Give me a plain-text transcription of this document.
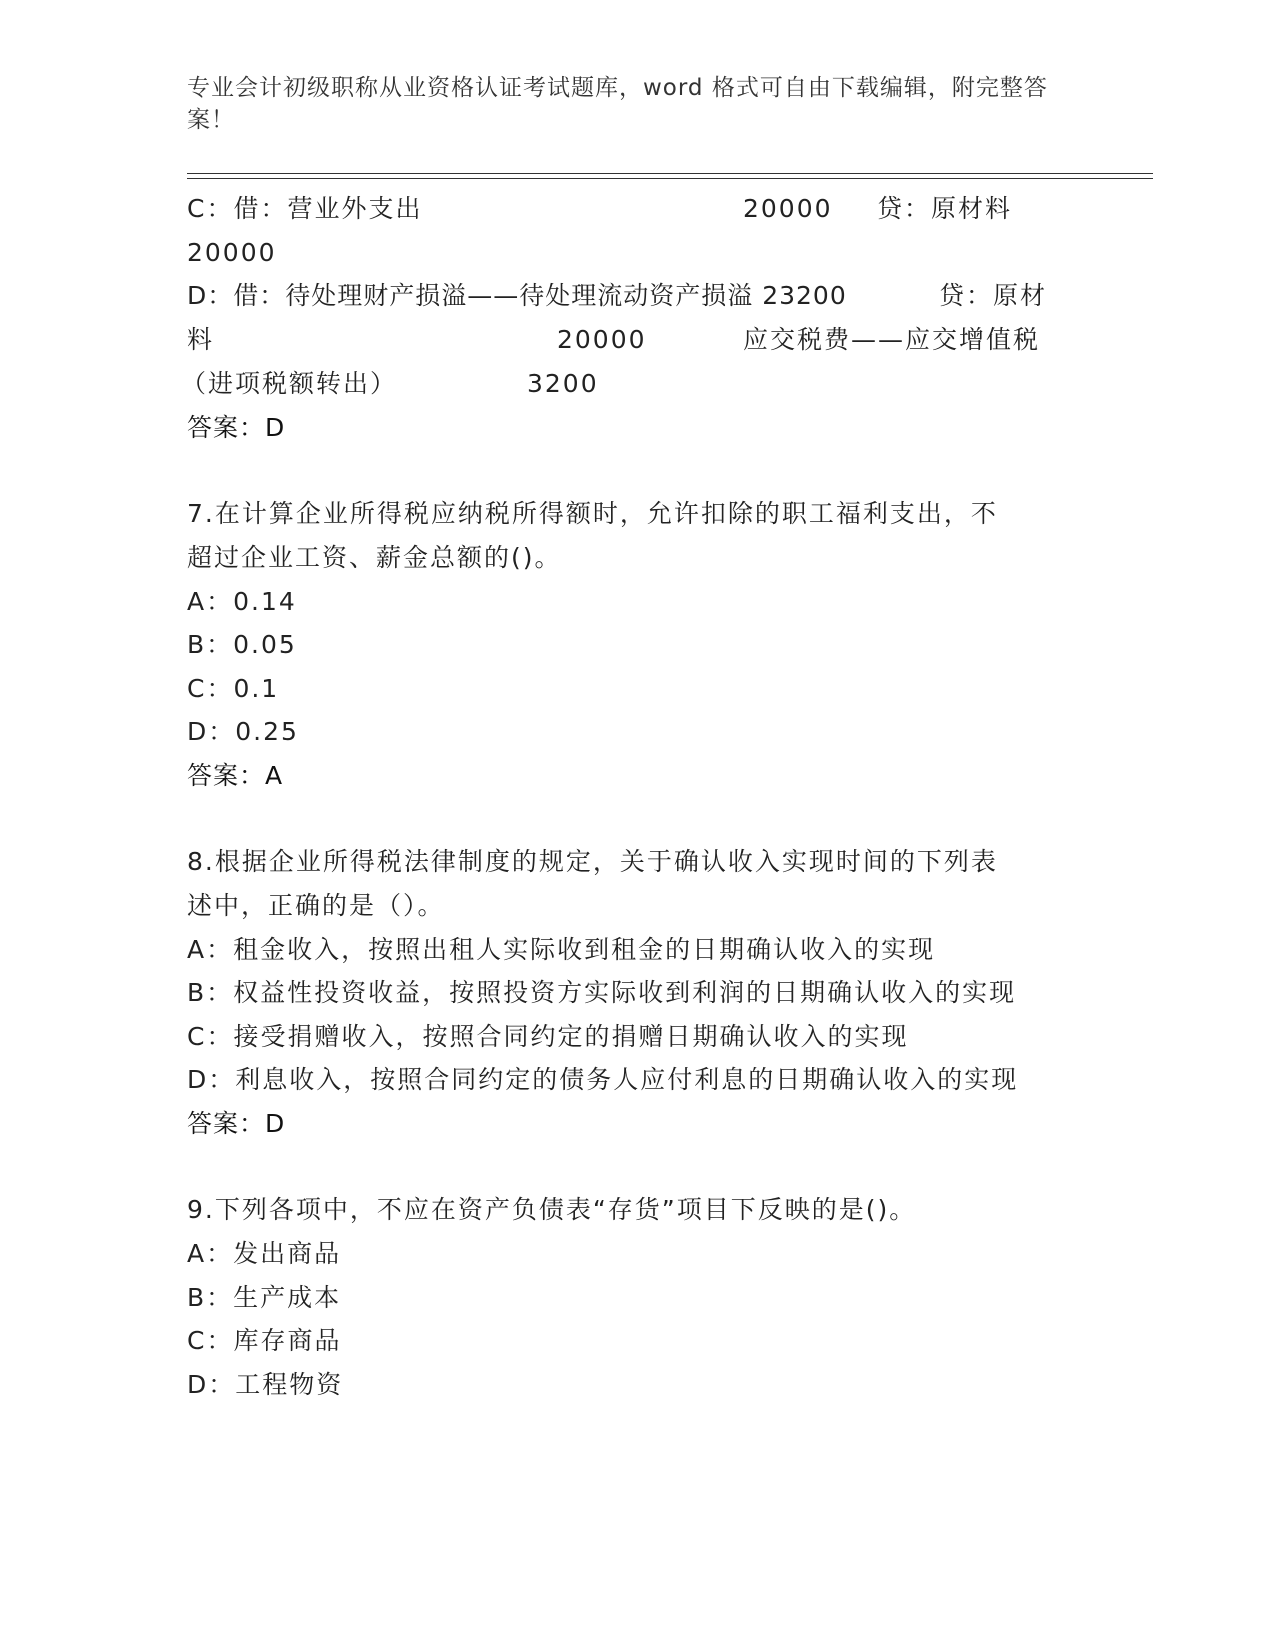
专业会计初级职称从业资格认证考试题库，word 格式可自由下载编辑，附完整答案！
C：借：营业外支出	20000 贷：原材料
20000
D：借：待处理财产损溢——待处理流动资产损溢 23200	贷：原材
料	20000	应交税费——应交增值税
（进项税额转出）	3200
答案：D
7.在计算企业所得税应纳税所得额时，允许扣除的职工福利支出，不
超过企业工资、薪金总额的()。
A：0.14
B：0.05
C：0.1
D：0.25
答案：A
8.根据企业所得税法律制度的规定，关于确认收入实现时间的下列表
述中，正确的是（）。
A：租金收入，按照出租人实际收到租金的日期确认收入的实现
B：权益性投资收益，按照投资方实际收到利润的日期确认收入的实现
C：接受捐赠收入，按照合同约定的捐赠日期确认收入的实现
D：利息收入，按照合同约定的债务人应付利息的日期确认收入的实现
答案：D
9.下列各项中，不应在资产负债表“存货”项目下反映的是()。
A：发出商品
B：生产成本
C：库存商品
D：工程物资
